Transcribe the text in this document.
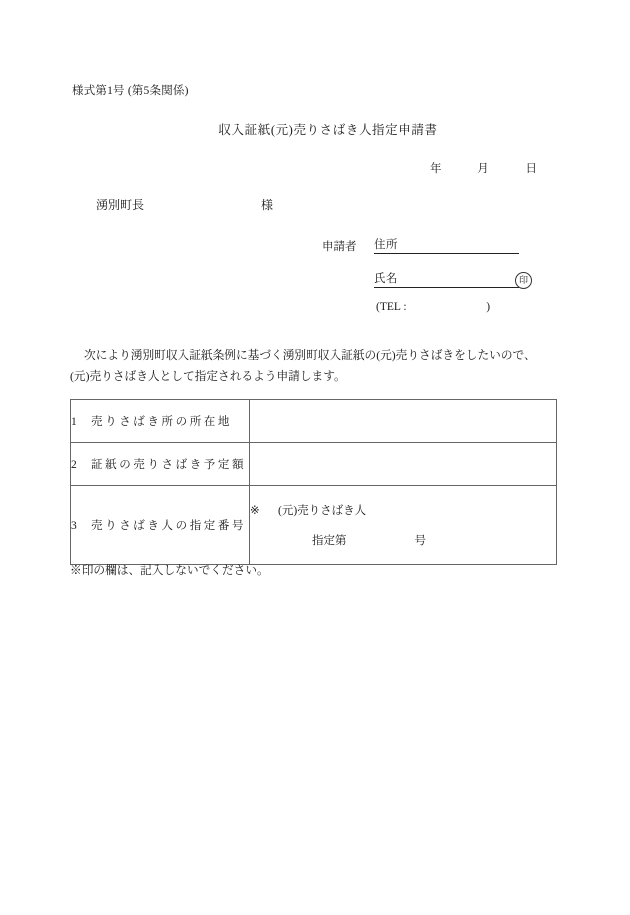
様式第1号 (第5条関係)
収入証紙(元)売りさばき人指定申請書
年	月	日
湧別町長	様
申請者	住所
氏名	印
(TEL :	)
次により湧別町収入証紙条例に基づく湧別町収入証紙の(元)売りさばきをしたいので、
(元)売りさばき人として指定されるよう申請します。
1 売りさばき所の所在地	

2 証紙の売りさばき予定額	

3 売りさばき人の指定番号	※ (元)売りさばき人
指定第 号
※印の欄は、記入しないでください。
